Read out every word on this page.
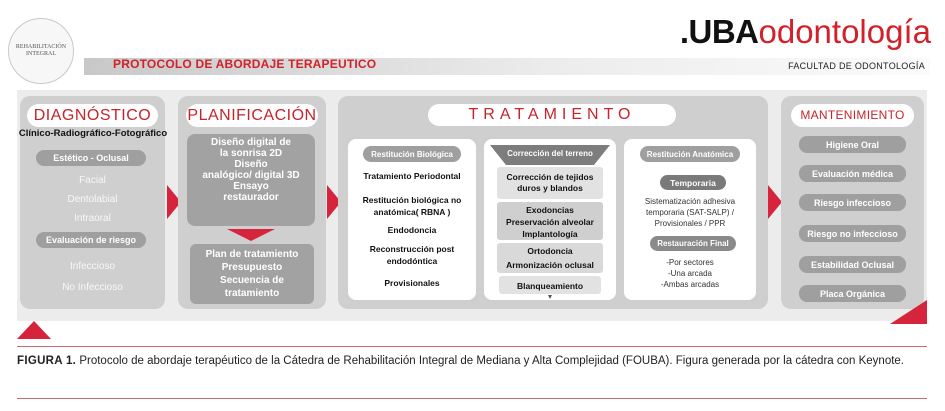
REHABILITACIÓN INTEGRAL
PROTOCOLO DE ABORDAJE TERAPEUTICO
.UBAodontología
FACULTAD DE ODONTOLOGÍA
DIAGNÓSTICO
Clínico-Radiográfico-Fotográfico
Estético - Oclusal
Facial
Dentolabial
Intraoral
Evaluación de riesgo
Infeccioso
No Infeccioso
PLANIFICACIÓN
Diseño digital de
la sonrisa 2D
Diseño
analógico/ digital 3D
Ensayo
restaurador
Plan de tratamiento
Presupuesto
Secuencia de
tratamiento
TRATAMIENTO
Restitución Biológica
Tratamiento Periodontal
Restitución biológica no anatómica( RBNA )
Endodoncia
Reconstrucción post endodóntica
Provisionales
Corrección del terreno
Corrección de tejidos duros y blandos
Exodoncias
Preservación alveolar
Implantología
Ortodoncia
Armonización oclusal
Blanqueamiento
Restitución Anatómica
Temporaria
Sistematización adhesiva temporaria (SAT-SALP) / Provisionales / PPR
Restauración Final
-Por sectores
-Una arcada
-Ambas arcadas
MANTENIMIENTO
Higiene Oral
Evaluación médica
Riesgo infeccioso
Riesgo no infeccioso
Estabilidad Oclusal
Placa Orgánica
FIGURA 1. Protocolo de abordaje terapéutico de la Cátedra de Rehabilitación Integral de Mediana y Alta Complejidad (FOUBA). Figura generada por la cátedra con Keynote.
